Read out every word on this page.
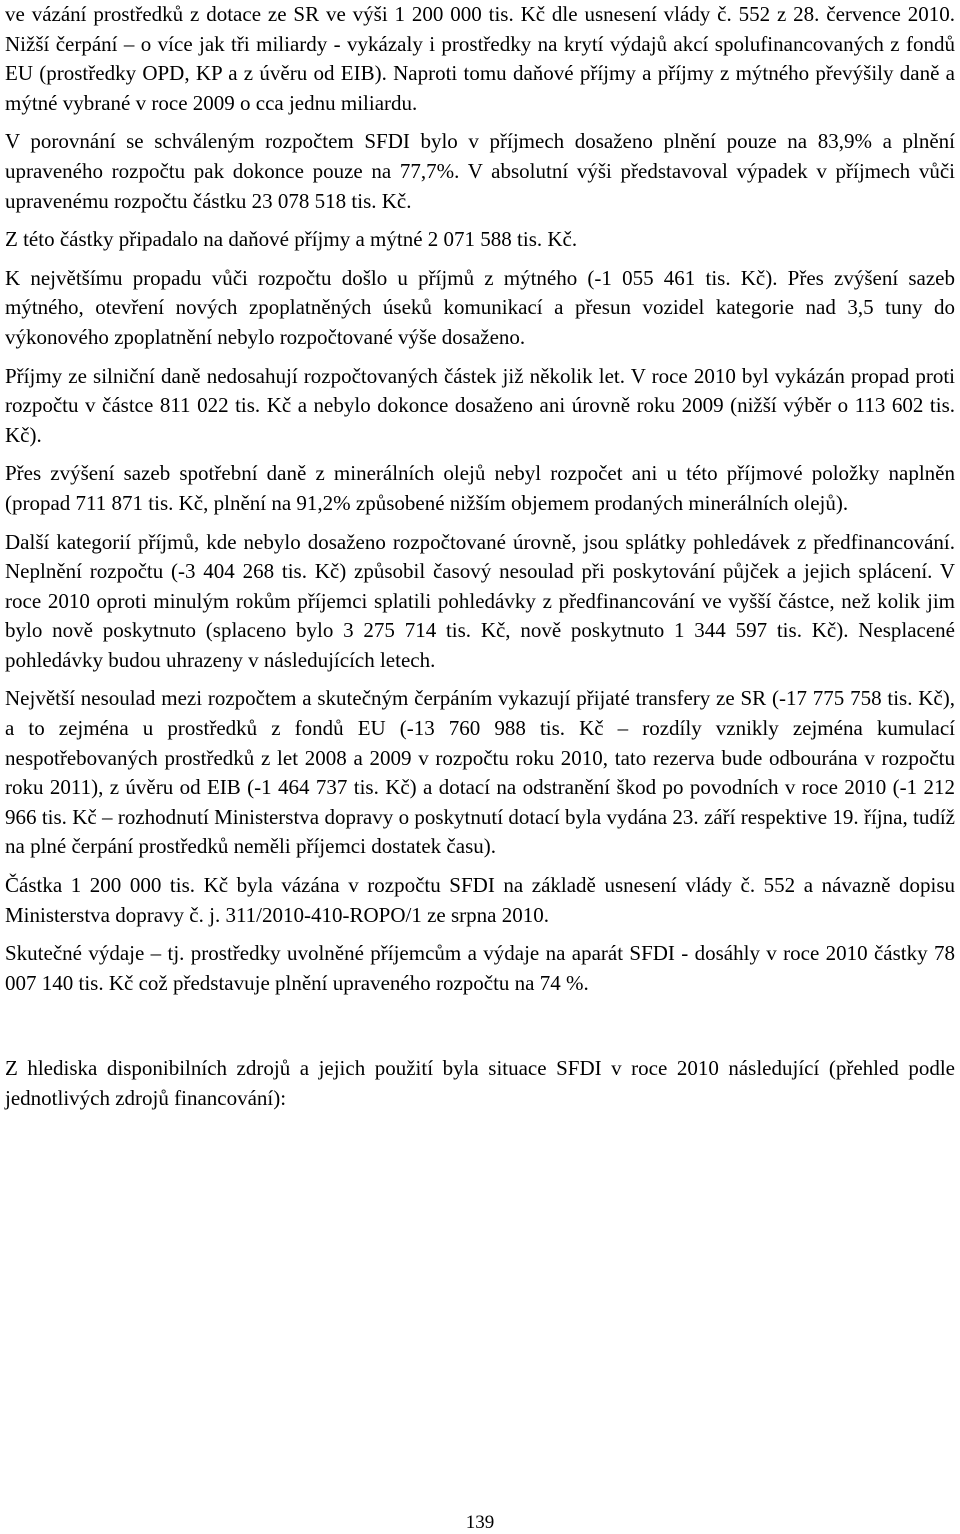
ve vázání prostředků z dotace ze SR ve výši 1 200 000 tis. Kč dle usnesení vlády č. 552 z 28. července 2010. Nižší čerpání – o více jak tři miliardy - vykázaly i prostředky na krytí výdajů akcí spolufinancovaných z fondů EU (prostředky OPD, KP a z úvěru od EIB). Naproti tomu daňové příjmy a příjmy z mýtného převýšily daně a mýtné vybrané v roce 2009 o cca jednu miliardu.

V porovnání se schváleným rozpočtem SFDI bylo v příjmech dosaženo plnění pouze na 83,9% a plnění upraveného rozpočtu pak dokonce pouze na 77,7%. V absolutní výši představoval výpadek v příjmech vůči upravenému rozpočtu částku 23 078 518 tis. Kč.

Z této částky připadalo na daňové příjmy a mýtné 2 071 588 tis. Kč.

K největšímu propadu vůči rozpočtu došlo u příjmů z mýtného (-1 055 461 tis. Kč). Přes zvýšení sazeb mýtného, otevření nových zpoplatněných úseků komunikací a přesun vozidel kategorie nad 3,5 tuny do výkonového zpoplatnění nebylo rozpočtované výše dosaženo.

Příjmy ze silniční daně nedosahují rozpočtovaných částek již několik let. V roce 2010 byl vykázán propad proti rozpočtu v částce 811 022 tis. Kč a nebylo dokonce dosaženo ani úrovně roku 2009 (nižší výběr o 113 602 tis. Kč).

Přes zvýšení sazeb spotřební daně z minerálních olejů nebyl rozpočet ani u této příjmové položky naplněn (propad 711 871 tis. Kč, plnění na 91,2% způsobené nižším objemem prodaných minerálních olejů).

Další kategorií příjmů, kde nebylo dosaženo rozpočtované úrovně, jsou splátky pohledávek z předfinancování. Neplnění rozpočtu (-3 404 268 tis. Kč) způsobil časový nesoulad při poskytování půjček a jejich splácení. V roce 2010 oproti minulým rokům příjemci splatili pohledávky z předfinancování ve vyšší částce, než kolik jim bylo nově poskytnuto (splaceno bylo 3 275 714 tis. Kč, nově poskytnuto 1 344 597 tis. Kč). Nesplacené pohledávky budou uhrazeny v následujících letech.

Největší nesoulad mezi rozpočtem a skutečným čerpáním vykazují přijaté transfery ze SR (-17 775 758 tis. Kč), a to zejména u prostředků z fondů EU (-13 760 988 tis. Kč – rozdíly vznikly zejména kumulací nespotřebovaných prostředků z let 2008 a 2009 v rozpočtu roku 2010, tato rezerva bude odbourána v rozpočtu roku 2011), z úvěru od EIB (-1 464 737 tis. Kč) a dotací na odstranění škod po povodních v roce 2010 (-1 212 966 tis. Kč – rozhodnutí Ministerstva dopravy o poskytnutí dotací byla vydána 23. září respektive 19. října, tudíž na plné čerpání prostředků neměli příjemci dostatek času).

Částka 1 200 000 tis. Kč byla vázána v rozpočtu SFDI na základě usnesení vlády č. 552 a návazně dopisu Ministerstva dopravy č. j. 311/2010-410-ROPO/1 ze srpna 2010.

Skutečné výdaje – tj. prostředky uvolněné příjemcům a výdaje na aparát SFDI - dosáhly v roce 2010 částky 78 007 140 tis. Kč což představuje plnění upraveného rozpočtu na 74 %.

Z hlediska disponibilních zdrojů a jejich použití byla situace SFDI v roce 2010 následující (přehled podle jednotlivých zdrojů financování):

139
